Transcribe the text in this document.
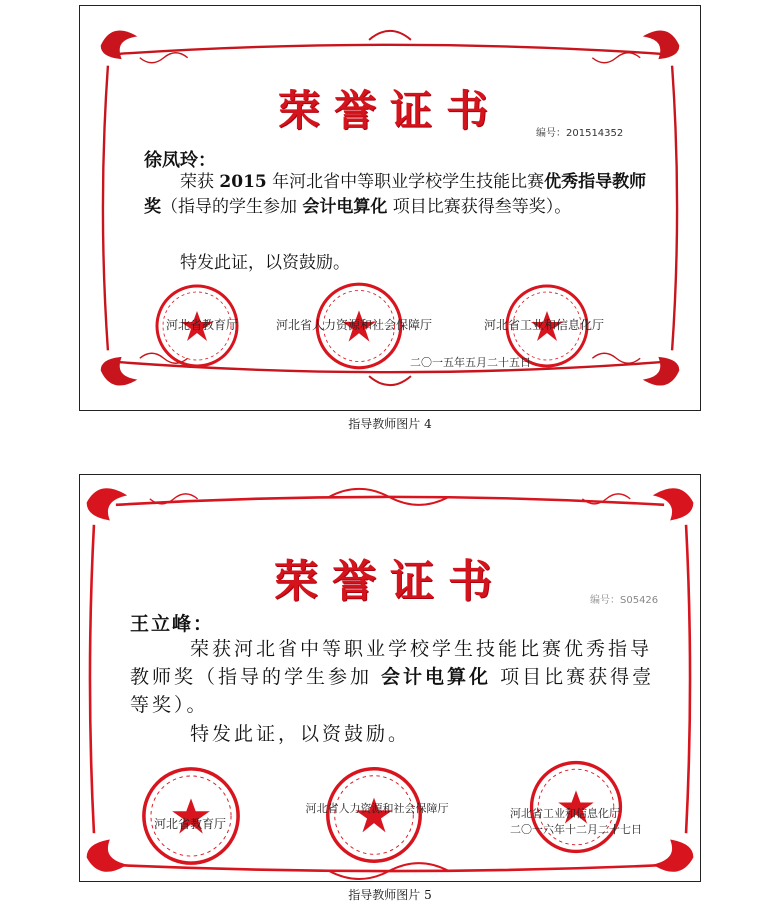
荣誉证书	编号：201514352
徐凤玲：
荣获 2015 年河北省中等职业学校学生技能比赛优秀指导教师奖（指导的学生参加 会计电算化 项目比赛获得叁等奖）。
特发此证，以资鼓励。
河北省教育厅	河北省人力资源和社会保障厅	河北省工业和信息化厅
二〇一五年五月二十五日
指导教师图片 4
荣誉证书	编号：S05426
王立峰：
荣获河北省中等职业学校学生技能比赛优秀指导教师奖（指导的学生参加 会计电算化 项目比赛获得壹等奖）。
特发此证，以资鼓励。
河北省教育厅
河北省人力资源和社会保障厅	河北省工业和信息化厅
二〇一六年十二月二十七日
指导教师图片 5
